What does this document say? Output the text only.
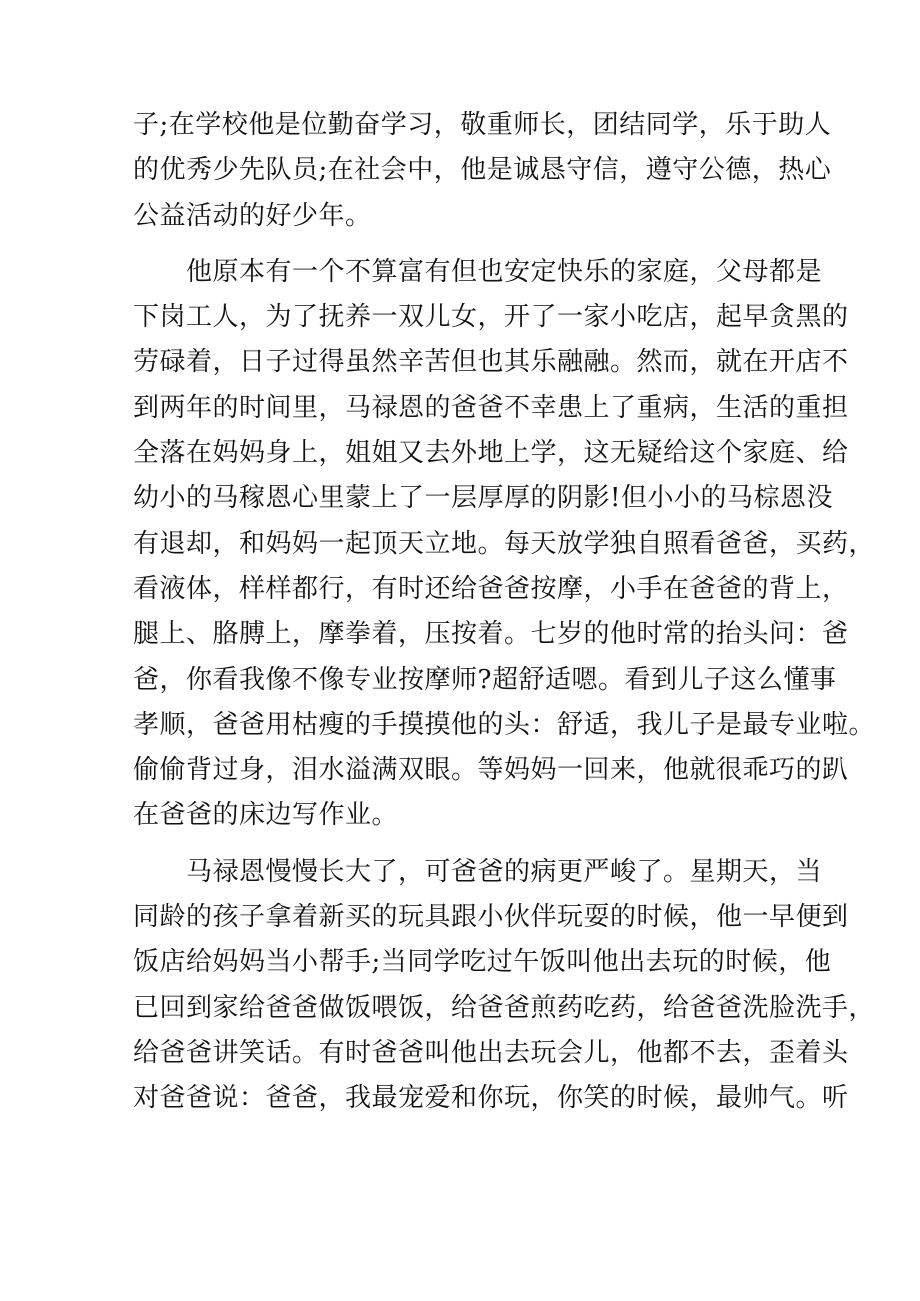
子;在学校他是位勤奋学习，敬重师长，团结同学，乐于助人
的优秀少先队员;在社会中，他是诚恳守信，遵守公德，热心
公益活动的好少年。
　　他原本有一个不算富有但也安定快乐的家庭，父母都是
下岗工人，为了抚养一双儿女，开了一家小吃店，起早贪黑的
劳碌着，日子过得虽然辛苦但也其乐融融。然而，就在开店不
到两年的时间里，马禄恩的爸爸不幸患上了重病，生活的重担
全落在妈妈身上，姐姐又去外地上学，这无疑给这个家庭、给
幼小的马稼恩心里蒙上了一层厚厚的阴影!但小小的马棕恩没
有退却，和妈妈一起顶天立地。每天放学独自照看爸爸，买药，
看液体，样样都行，有时还给爸爸按摩，小手在爸爸的背上，
腿上、胳膊上，摩拳着，压按着。七岁的他时常的抬头问：爸
爸，你看我像不像专业按摩师?超舒适嗯。看到儿子这么懂事
孝顺，爸爸用枯瘦的手摸摸他的头：舒适，我儿子是最专业啦。
偷偷背过身，泪水溢满双眼。等妈妈一回来，他就很乖巧的趴
在爸爸的床边写作业。
　　马禄恩慢慢长大了，可爸爸的病更严峻了。星期天，当
同龄的孩子拿着新买的玩具跟小伙伴玩耍的时候，他一早便到
饭店给妈妈当小帮手;当同学吃过午饭叫他出去玩的时候，他
已回到家给爸爸做饭喂饭，给爸爸煎药吃药，给爸爸洗脸洗手，
给爸爸讲笑话。有时爸爸叫他出去玩会儿，他都不去，歪着头
对爸爸说：爸爸，我最宠爱和你玩，你笑的时候，最帅气。听
